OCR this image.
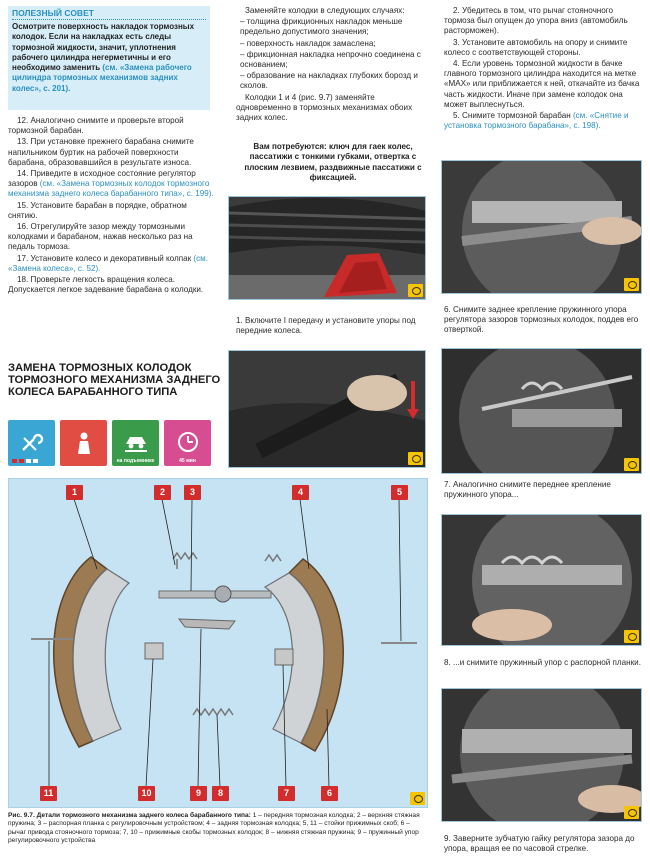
ПОЛЕЗНЫЙ СОВЕТ
Осмотрите поверхность накладок тормозных колодок. Если на накладках есть следы тормозной жидкости, значит, уплотнения рабочего цилиндра негерметичны и его необходимо заменить (см. «Замена рабочего цилиндра тормозных механизмов задних колес», с. 201).

12. Аналогично снимите и проверьте второй тормозной барабан.

13. При установке прежнего барабана снимите напильником буртик на рабочей поверхности барабана, образовавшийся в результате износа.

14. Приведите в исходное состояние регулятор зазоров (см. «Замена тормозных колодок тормозного механизма заднего колеса барабанного типа», с. 199).

15. Установите барабан в порядке, обратном снятию.

16. Отрегулируйте зазор между тормозными колодками и барабаном, нажав несколько раз на педаль тормоза.

17. Установите колесо и декоративный колпак (см. «Замена колеса», с. 52).

18. Проверьте легкость вращения колеса. Допускается легкое задевание барабана о колодки.

ЗАМЕНА ТОРМОЗНЫХ КОЛОДОК ТОРМОЗНОГО МЕХАНИЗМА ЗАДНЕГО КОЛЕСА БАРАБАННОГО ТИПА
на подъемнике	45 мин

Заменяйте колодки в следующих случаях:

– толщина фрикционных накладок меньше предельно допустимого значения;

– поверхность накладок замаслена;

– фрикционная накладка непрочно соединена с основанием;

– образование на накладках глубоких борозд и сколов.

Колодки 1 и 4 (рис. 9.7) заменяйте одновременно в тормозных механизмах обоих задних колес.

Вам потребуются: ключ для гаек колес, пассатижи с тонкими губками, отвертка с плоским лезвием, раздвижные пассатижи с фиксацией.
1. Включите I передачу и установите упоры под передние колеса.

2. Убедитесь в том, что рычаг стояночного тормоза был опущен до упора вниз (автомобиль расторможен).

3. Установите автомобиль на опору и снимите колесо с соответствующей стороны.

4. Если уровень тормозной жидкости в бачке главного тормозного цилиндра находится на метке «MAX» или приближается к ней, откачайте из бачка часть жидкости. Иначе при замене колодок она может выплеснуться.

5. Снимите тормозной барабан (см. «Снятие и установка тормозного барабана», с. 198).

6. Снимите заднее крепление пружинного упора регулятора зазоров тормозных колодок, поддев его отверткой.
7. Аналогично снимите переднее крепление пружинного упора...
8. ...и снимите пружинный упор с распорной планки.
9. Заверните зубчатую гайку регулятора зазора до упора, вращая ее по часовой стрелке.
1	2	3	4	5
11	10	9	8	7	6
Рис. 9.7. Детали тормозного механизма заднего колеса барабанного типа: 1 – передняя тормозная колодка; 2 – верхняя стяжная пружина; 3 – распорная планка с регулировочным устройством; 4 – задняя тормозная колодка; 5, 11 – стойки прижимных скоб; 6 – рычаг привода стояночного тормоза; 7, 10 – прижимные скобы тормозных колодок; 8 – нижняя стяжная пружина; 9 – пружинный упор регулировочного устройства
